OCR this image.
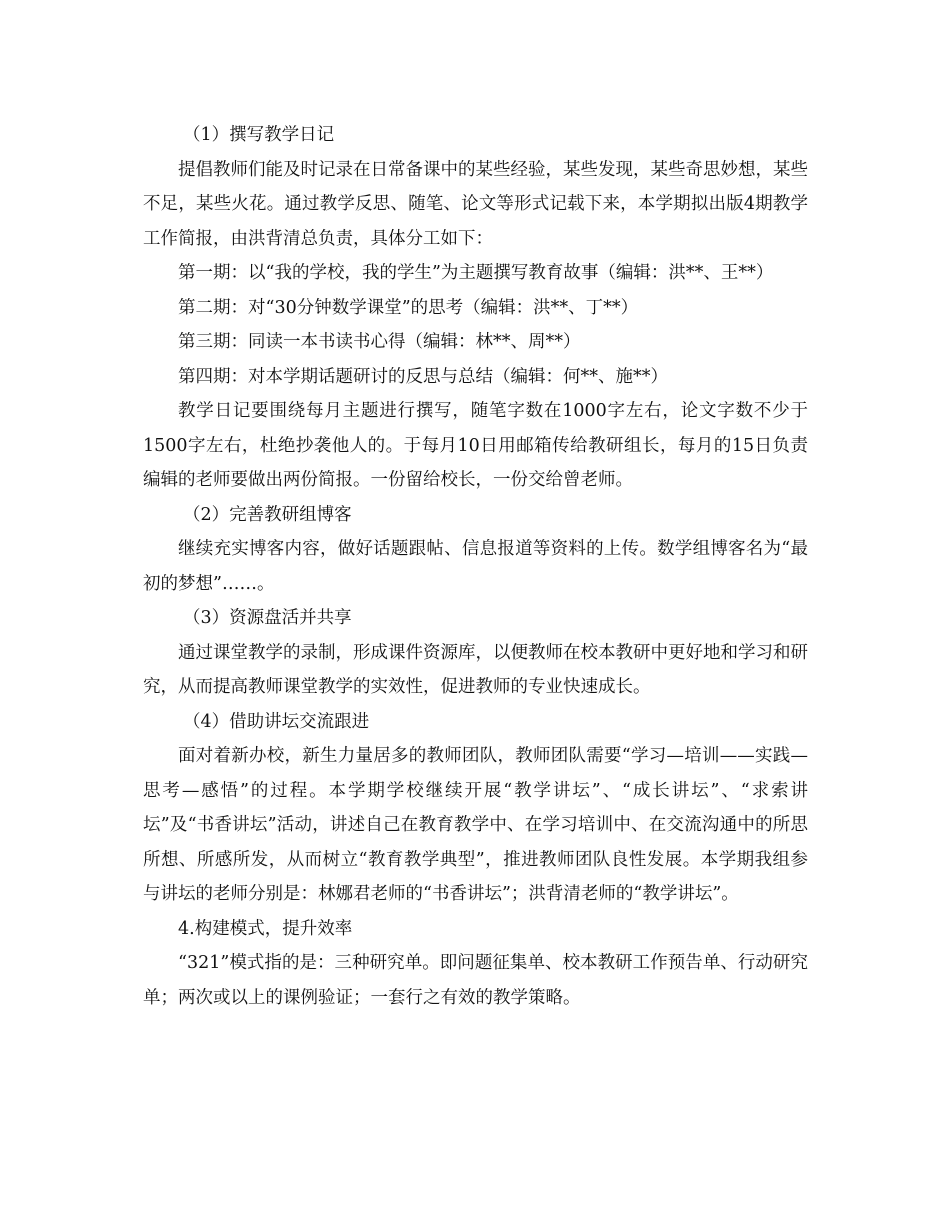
（1）撰写教学日记

提倡教师们能及时记录在日常备课中的某些经验，某些发现，某些奇思妙想，某些不足，某些火花。通过教学反思、随笔、论文等形式记载下来，本学期拟出版4期教学工作简报，由洪背清总负责，具体分工如下：

第一期：以“我的学校，我的学生”为主题撰写教育故事（编辑：洪**、王**）

第二期：对“30分钟数学课堂”的思考（编辑：洪**、丁**）

第三期：同读一本书读书心得（编辑：林**、周**）

第四期：对本学期话题研讨的反思与总结（编辑：何**、施**）

教学日记要围绕每月主题进行撰写，随笔字数在1000字左右，论文字数不少于1500字左右，杜绝抄袭他人的。于每月10日用邮箱传给教研组长，每月的15日负责编辑的老师要做出两份简报。一份留给校长，一份交给曾老师。

（2）完善教研组博客

继续充实博客内容，做好话题跟帖、信息报道等资料的上传。数学组博客名为“最初的梦想”……。

（3）资源盘活并共享

通过课堂教学的录制，形成课件资源库，以便教师在校本教研中更好地和学习和研究，从而提高教师课堂教学的实效性，促进教师的专业快速成长。

（4）借助讲坛交流跟进

面对着新办校，新生力量居多的教师团队，教师团队需要“学习—培训——实践—思考—感悟”的过程。本学期学校继续开展“教学讲坛”、“成长讲坛”、“求索讲坛”及“书香讲坛”活动，讲述自己在教育教学中、在学习培训中、在交流沟通中的所思所想、所感所发，从而树立“教育教学典型”，推进教师团队良性发展。本学期我组参与讲坛的老师分别是：林娜君老师的“书香讲坛”；洪背清老师的“教学讲坛”。

4.构建模式，提升效率

“321”模式指的是：三种研究单。即问题征集单、校本教研工作预告单、行动研究单；两次或以上的课例验证；一套行之有效的教学策略。
